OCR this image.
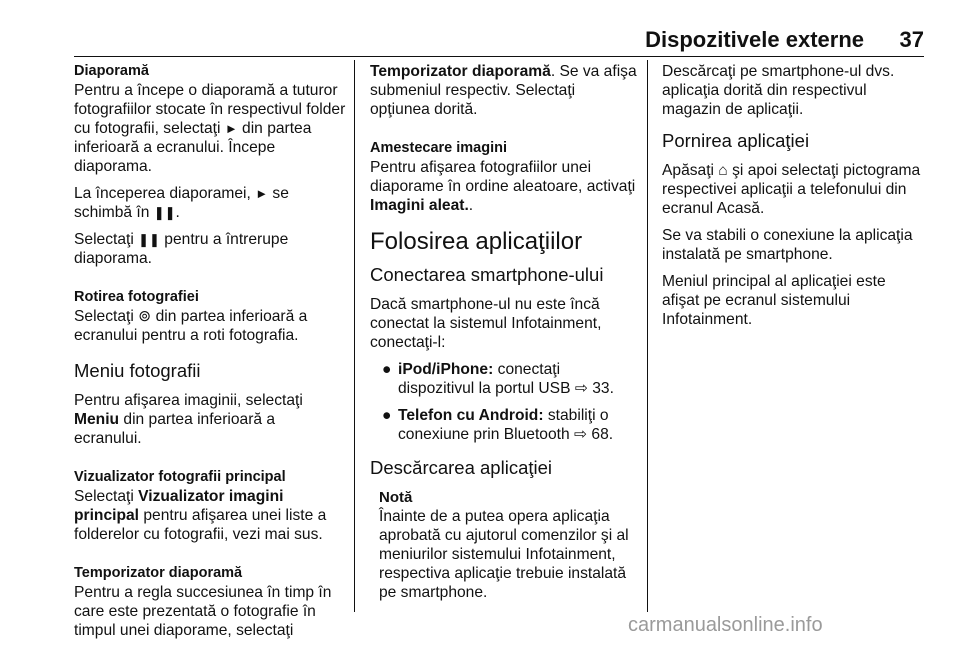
Dispozitivele externe 37
Diaporamă

Pentru a începe o diaporamă a tuturor fotografiilor stocate în respectivul folder cu fotografii, selectaţi ► din partea inferioară a ecranului. Începe diaporama.

La începerea diaporamei, ► se schimbă în ❚❚.

Selectaţi ❚❚ pentru a întrerupe diaporama.

Rotirea fotografiei

Selectaţi ⊚ din partea inferioară a ecranului pentru a roti fotografia.

Meniu fotografii

Pentru afişarea imaginii, selectaţi Meniu din partea inferioară a ecranului.

Vizualizator fotografii principal

Selectaţi Vizualizator imagini principal pentru afişarea unei liste a folderelor cu fotografii, vezi mai sus.

Temporizator diaporamă

Pentru a regla succesiunea în timp în care este prezentată o fotografie în timpul unei diaporame, selectaţi

Temporizator diaporamă. Se va afişa submeniul respectiv. Selectaţi opţiunea dorită.

Amestecare imagini

Pentru afişarea fotografiilor unei diaporame în ordine aleatoare, activaţi Imagini aleat..

Folosirea aplicaţiilor
Conectarea smartphone-ului

Dacă smartphone-ul nu este încă conectat la sistemul Infotainment, conectaţi-l:

● iPod/iPhone: conectaţi dispozitivul la portul USB ⇨ 33.
● Telefon cu Android: stabiliţi o conexiune prin Bluetooth ⇨ 68.
Descărcarea aplicaţiei
Notă

Înainte de a putea opera aplicaţia aprobată cu ajutorul comenzilor şi al meniurilor sistemului Infotainment, respectiva aplicaţie trebuie instalată pe smartphone.

Descărcaţi pe smartphone-ul dvs. aplicaţia dorită din respectivul magazin de aplicaţii.

Pornirea aplicaţiei

Apăsaţi ⌂ şi apoi selectaţi pictograma respectivei aplicaţii a telefonului din ecranul Acasă.

Se va stabili o conexiune la aplicaţia instalată pe smartphone.

Meniul principal al aplicaţiei este afişat pe ecranul sistemului Infotainment.

carmanualsonline.info
